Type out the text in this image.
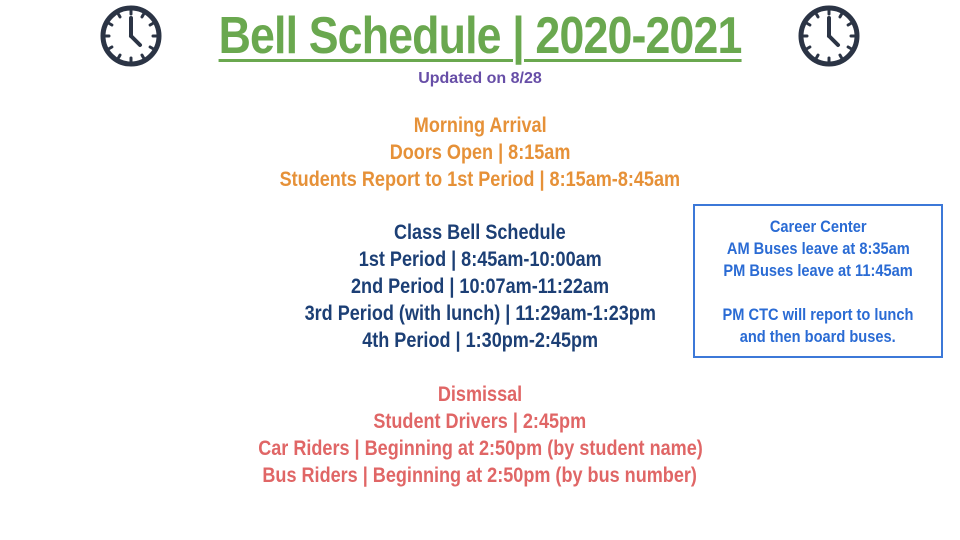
Bell Schedule | 2020-2021
Updated on 8/28
Morning Arrival
Doors Open | 8:15am
Students Report to 1st Period | 8:15am-8:45am
Class Bell Schedule
1st Period | 8:45am-10:00am
2nd Period | 10:07am-11:22am
3rd Period (with lunch) | 11:29am-1:23pm
4th Period | 1:30pm-2:45pm
Dismissal
Student Drivers | 2:45pm
Car Riders | Beginning at 2:50pm (by student name)
Bus Riders | Beginning at 2:50pm (by bus number)
Career Center
AM Buses leave at 8:35am
PM Buses leave at 11:45am
PM CTC will report to lunch
and then board buses.
